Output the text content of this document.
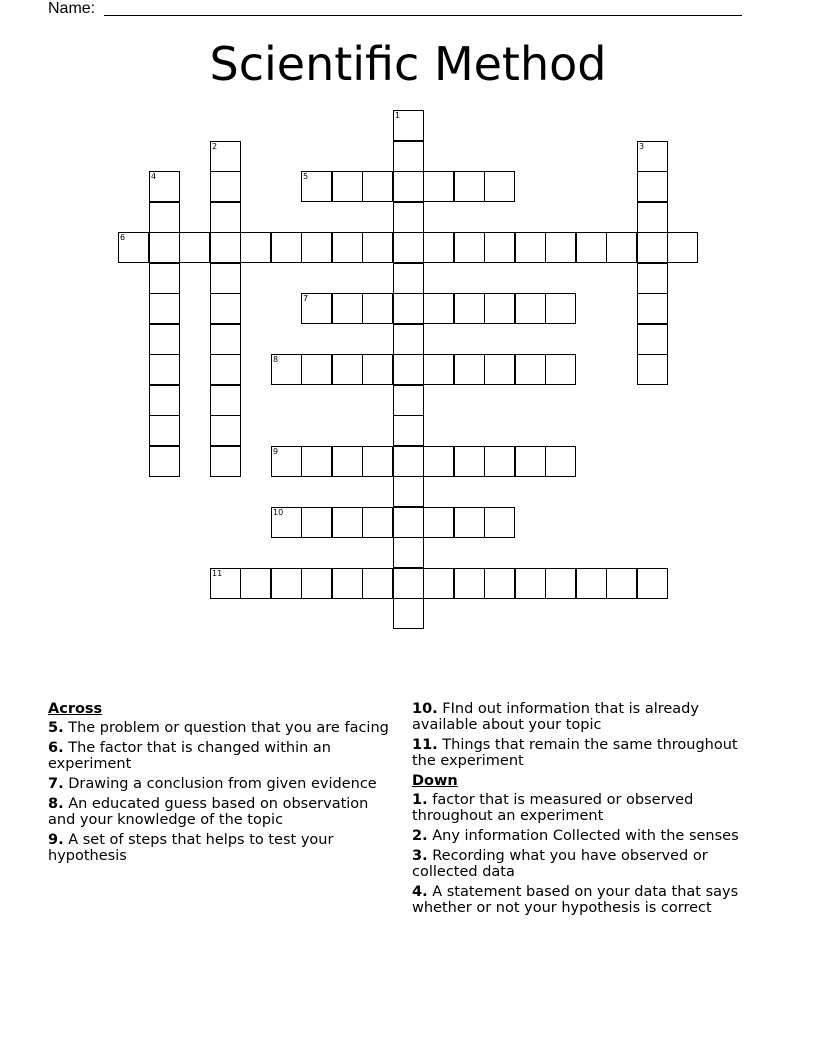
Name:
Scientific Method
1
2	3
4	5
6
7
8
9
10
11
Across
5. The problem or question that you are facing
6. The factor that is changed within an experiment
7. Drawing a conclusion from given evidence
8. An educated guess based on observation and your knowledge of the topic
9. A set of steps that helps to test your hypothesis
10. FInd out information that is already available about your topic
11. Things that remain the same throughout the experiment
Down
1. factor that is measured or observed throughout an experiment
2. Any information Collected with the senses
3. Recording what you have observed or collected data
4. A statement based on your data that says whether or not your hypothesis is correct
